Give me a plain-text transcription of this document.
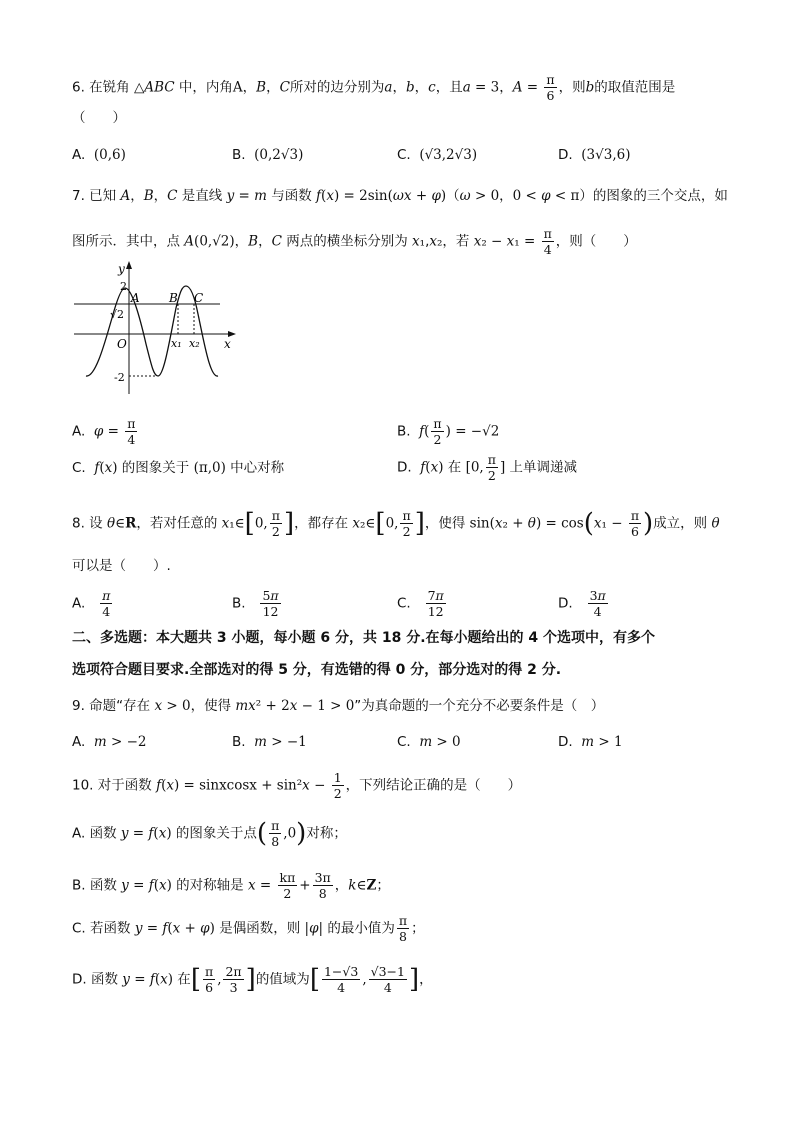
6. 在锐角 △ABC 中，内角A，B，C所对的边分别为a，b，c，且a = 3，$A = \frac{\pi}{6}$ ，则b的取值范围是
（　　）
A.  (0,6)	B.  (0,2√3)	C.  (√3,2√3)	D.  (3√3,6)
7. 已知 A，B，C 是直线 y = m 与函数 f(x) = 2sin(ωx + φ)（ω > 0，0 < φ < π）的图象的三个交点，如
图所示．其中，点 A(0,√2)，B，C 两点的横坐标分别为 x₁,x₂，若 $x_2 - x_1 = \frac{\pi}{4}$ ，则（　　）
y
2
A
√2
O
-2
B C
x₁ x₂ x
A.  $\varphi = \frac{\pi}{4}$	B.  $f( \frac{\pi}{2}$ ) = −√2
C.  f(x) 的图象关于 (π,0) 中心对称	D.  f(x) 在 [0, $\frac{\pi}{2}$ ] 上单调递减
8. 设 θ∈R，若对任意的 x₁∈[0, $\frac{\pi}{2}$ ]，都存在 x₂∈[0, $\frac{\pi}{2}$ ]，使得 $\sin(x_2 + \theta) = \cos(x_1 - \frac{\pi}{6}$ )成立，则 θ
可以是（　　）.
A. $\frac{\pi}{4}$	B. $\frac{5\pi}{12}$	C. $\frac{7\pi}{12}$	D. $\frac{3\pi}{4}$
二、多选题：本大题共 3 小题，每小题 6 分，共 18 分.在每小题给出的 4 个选项中，有多个
选项符合题目要求.全部选对的得 5 分，有选错的得 0 分，部分选对的得 2 分.
9. 命题“存在 x > 0，使得 mx² + 2x − 1 > 0”为真命题的一个充分不必要条件是（　）
A.  m > −2	B.  m > −1	C.  m > 0	D.  m > 1
10. 对于函数 f(x) = sinxcosx + $\sin^2x - \frac{1}{2}$ ，下列结论正确的是（　　）
A. 函数 y = f(x) 的图象关于点( $\frac{\pi}{8} ,0$)对称；
B. 函数 y = f(x) 的对称轴是 $x = \frac{k\pi}{2} + \frac{3\pi}{8}$ ，k∈Z；
C. 若函数 y = f(x + φ) 是偶函数，则 |φ| 的最小值为 $\frac{\pi}{8}$ ；
D. 函数 y = f(x) 在[ $\frac{\pi}{6}$ , $\frac{2\pi}{3}$ ]的值域为[ $\frac{1-√3}{4}$ , $\frac{√3-1}{4}$ ]，
